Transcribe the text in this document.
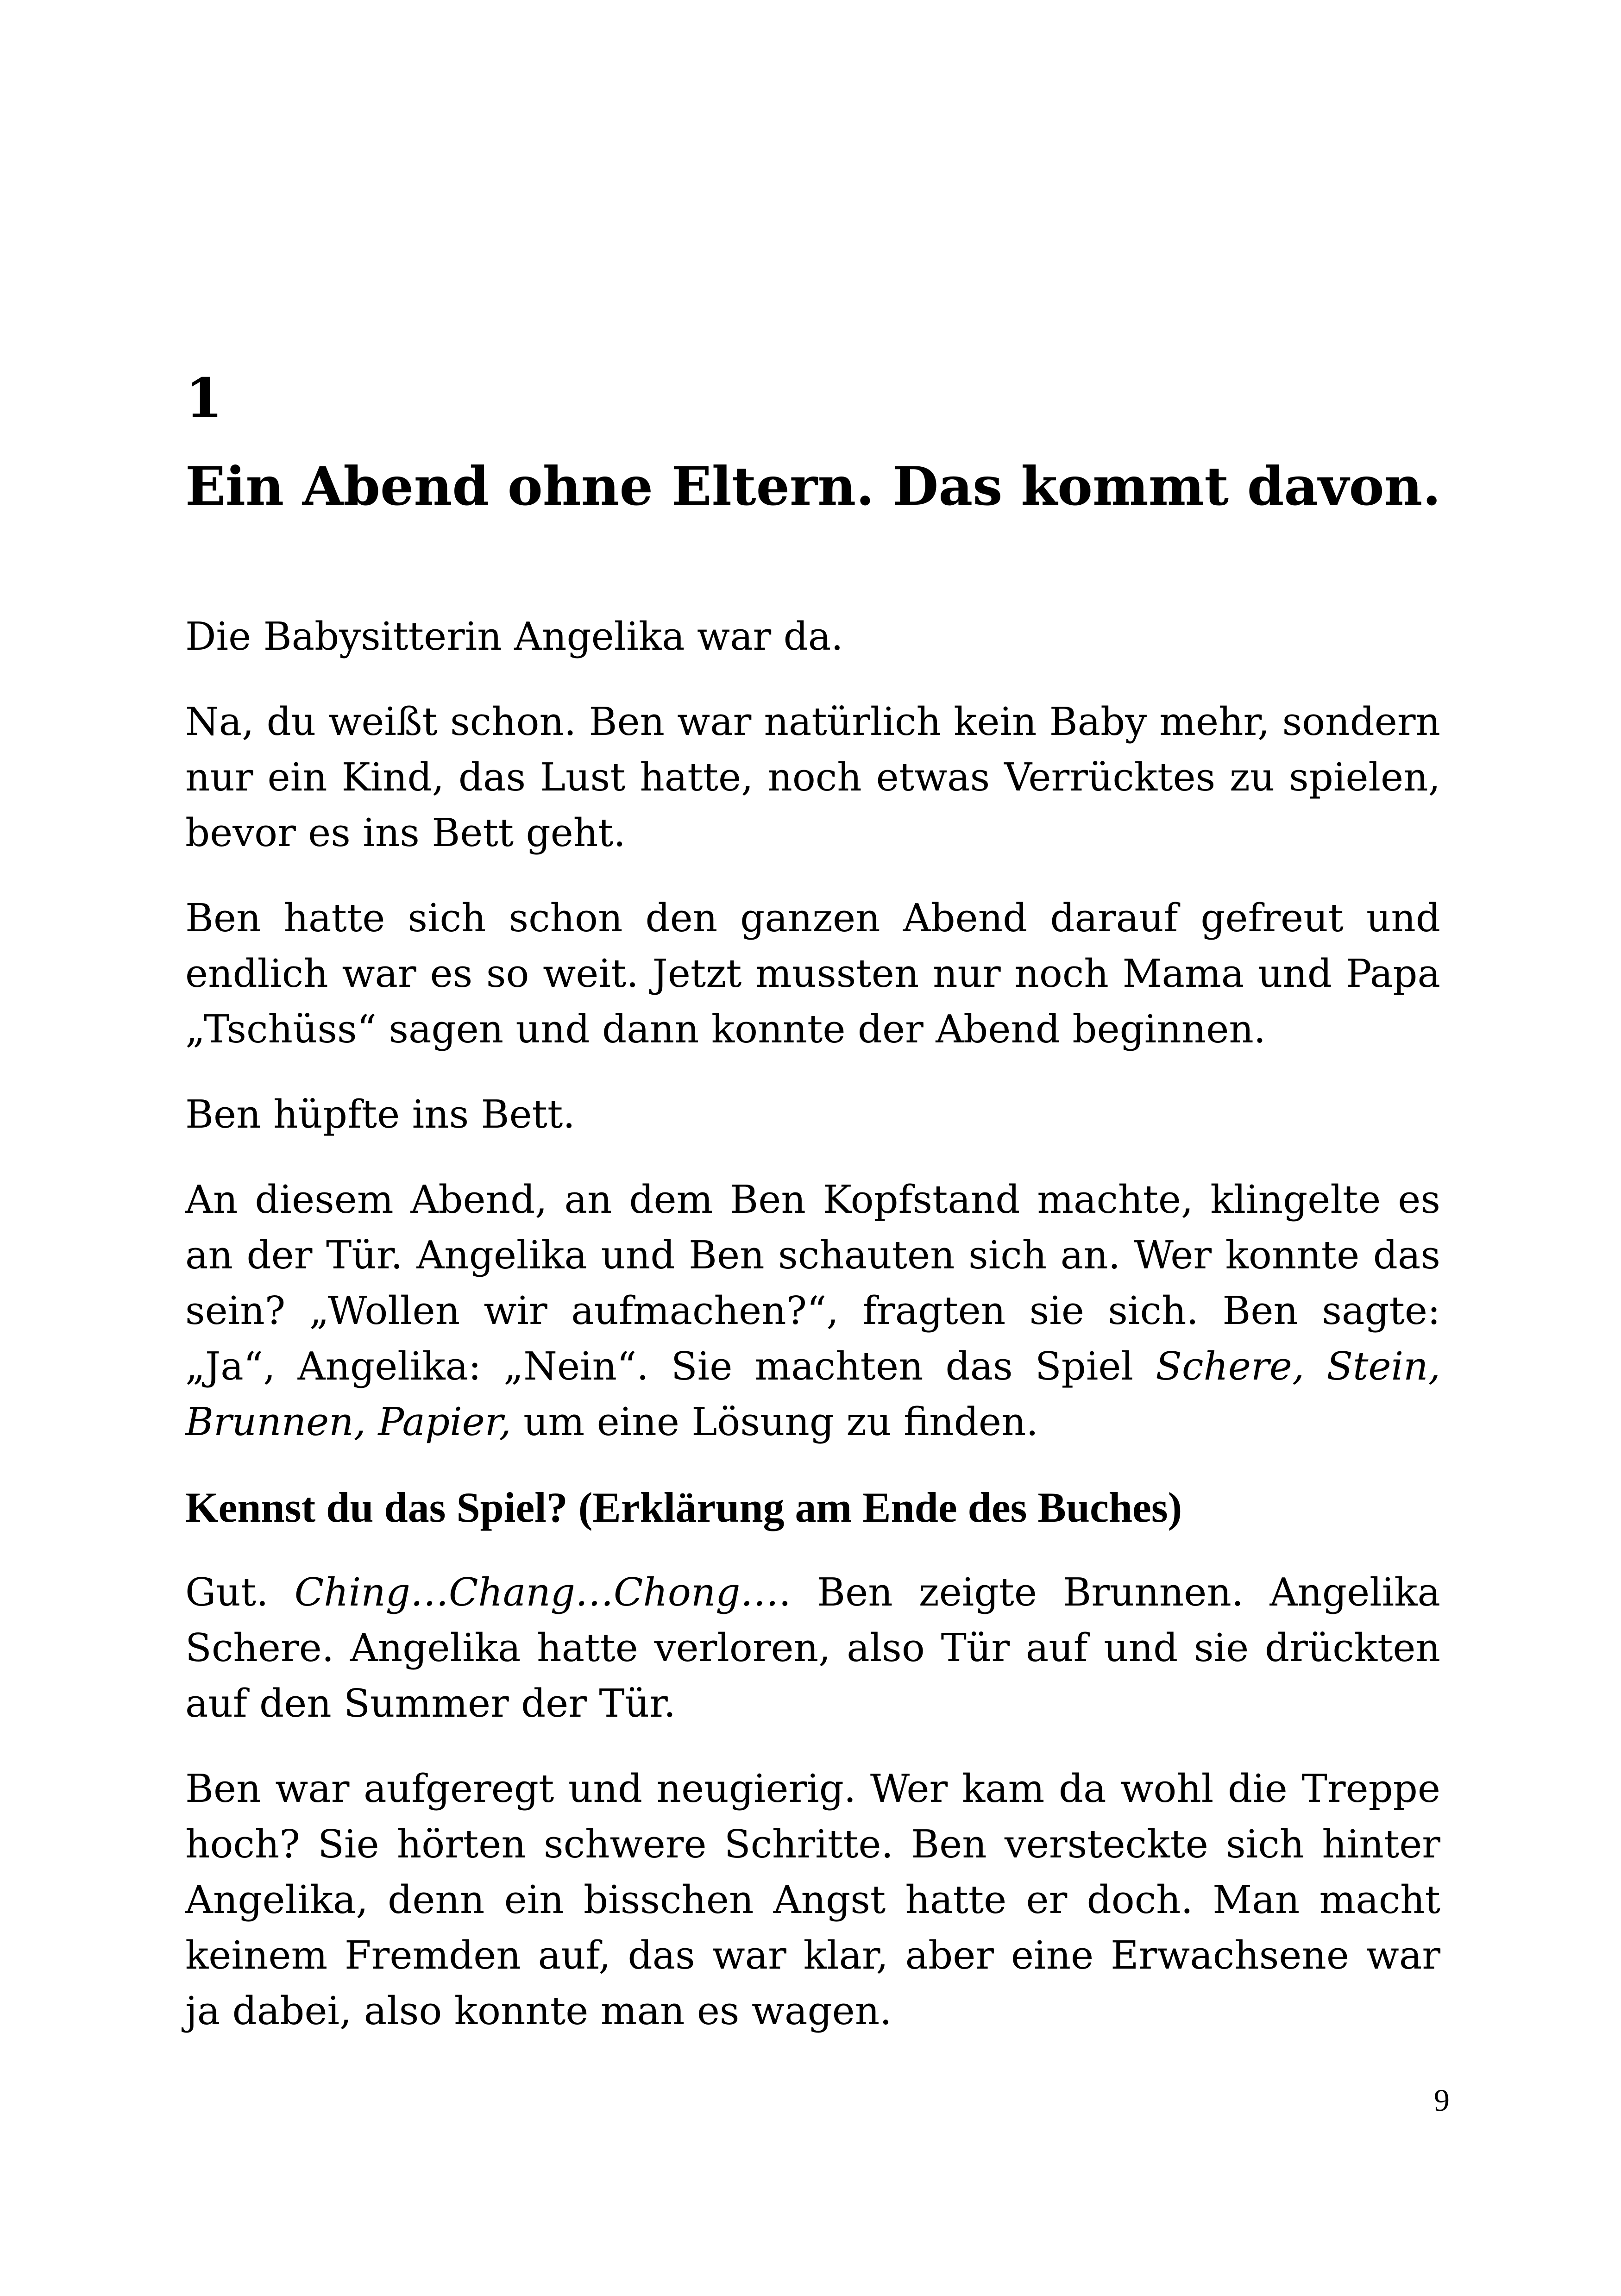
1
Ein Abend ohne Eltern. Das kommt davon.

Die Babysitterin Angelika war da.

Na, du weißt schon. Ben war natürlich kein Baby mehr, sondern nur ein Kind, das Lust hatte, noch etwas Verrücktes zu spielen, bevor es ins Bett geht.

Ben hatte sich schon den ganzen Abend darauf gefreut und endlich war es so weit. Jetzt mussten nur noch Mama und Papa „Tschüss“ sagen und dann konnte der Abend beginnen.

Ben hüpfte ins Bett.

An diesem Abend, an dem Ben Kopfstand machte, klingelte es an der Tür. Angelika und Ben schauten sich an. Wer konnte das sein? „Wollen wir aufmachen?“, fragten sie sich. Ben sagte: „Ja“, Angelika: „Nein“. Sie machten das Spiel Schere, Stein, Brunnen, Papier, um eine Lösung zu finden.

Kennst du das Spiel? (Erklärung am Ende des Buches)

Gut. Ching…Chang…Chong…. Ben zeigte Brunnen. Angelika Schere. Angelika hatte verloren, also Tür auf und sie drückten auf den Summer der Tür.

Ben war aufgeregt und neugierig. Wer kam da wohl die Treppe hoch? Sie hörten schwere Schritte. Ben versteckte sich hinter Angelika, denn ein bisschen Angst hatte er doch. Man macht keinem Fremden auf, das war klar, aber eine Erwachsene war ja dabei, also konnte man es wagen.

9
